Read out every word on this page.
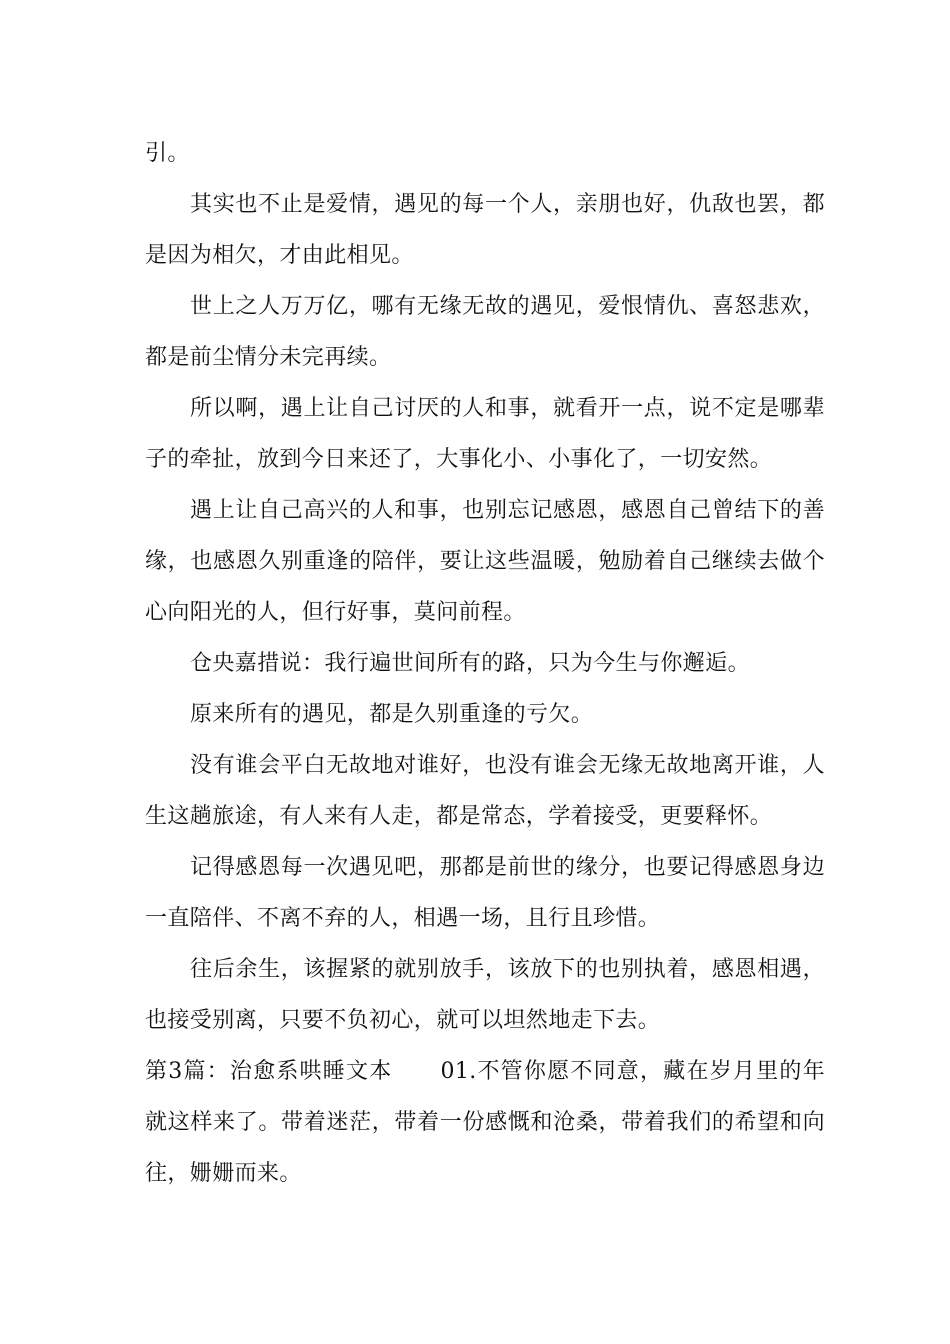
引。

其实也不止是爱情，遇见的每一个人，亲朋也好，仇敌也罢，都是因为相欠，才由此相见。

世上之人万万亿，哪有无缘无故的遇见，爱恨情仇、喜怒悲欢，都是前尘情分未完再续。

所以啊，遇上让自己讨厌的人和事，就看开一点，说不定是哪辈子的牵扯，放到今日来还了，大事化小、小事化了，一切安然。

遇上让自己高兴的人和事，也别忘记感恩，感恩自己曾结下的善缘，也感恩久别重逢的陪伴，要让这些温暖，勉励着自己继续去做个心向阳光的人，但行好事，莫问前程。

仓央嘉措说：我行遍世间所有的路，只为今生与你邂逅。

原来所有的遇见，都是久别重逢的亏欠。

没有谁会平白无故地对谁好，也没有谁会无缘无故地离开谁，人生这趟旅途，有人来有人走，都是常态，学着接受，更要释怀。

记得感恩每一次遇见吧，那都是前世的缘分，也要记得感恩身边一直陪伴、不离不弃的人，相遇一场，且行且珍惜。

往后余生，该握紧的就别放手，该放下的也别执着，感恩相遇，也接受别离，只要不负初心，就可以坦然地走下去。

第3篇：治愈系哄睡文本 01.不管你愿不同意，藏在岁月里的年就这样来了。带着迷茫，带着一份感慨和沧桑，带着我们的希望和向往，姗姗而来。
